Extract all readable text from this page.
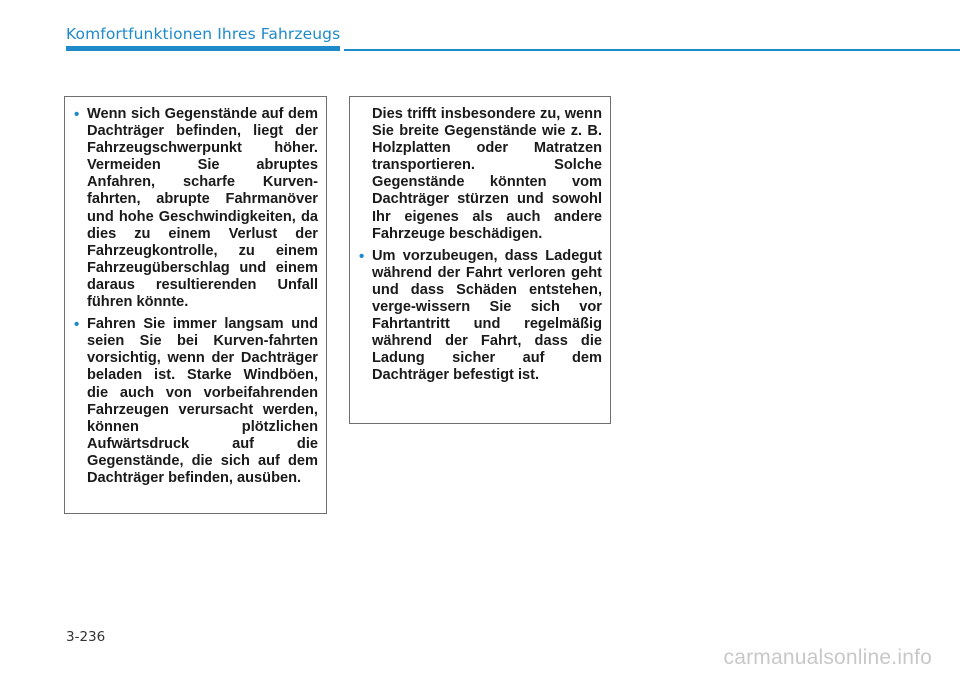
Komfortfunktionen Ihres Fahrzeugs
• Wenn sich Gegenstände auf dem Dachträger befinden, liegt der Fahrzeugschwerpunkt höher. Vermeiden Sie abruptes Anfahren, scharfe Kurven-fahrten, abrupte Fahrmanöver und hohe Geschwindigkeiten, da dies zu einem Verlust der Fahrzeugkontrolle, zu einem Fahrzeugüberschlag und einem daraus resultierenden Unfall führen könnte.
• Fahren Sie immer langsam und seien Sie bei Kurven-fahrten vorsichtig, wenn der Dachträger beladen ist. Starke Windböen, die auch von vorbeifahrenden Fahrzeugen verursacht werden, können plötzlichen Aufwärtsdruck auf die Gegenstände, die sich auf dem Dachträger befinden, ausüben.
Dies trifft insbesondere zu, wenn Sie breite Gegenstände wie z. B. Holzplatten oder Matratzen transportieren. Solche Gegenstände könnten vom Dachträger stürzen und sowohl Ihr eigenes als auch andere Fahrzeuge beschädigen.
• Um vorzubeugen, dass Ladegut während der Fahrt verloren geht und dass Schäden entstehen, verge-wissern Sie sich vor Fahrtantritt und regelmäßig während der Fahrt, dass die Ladung sicher auf dem Dachträger befestigt ist.
3-236
carmanualsonline.info
